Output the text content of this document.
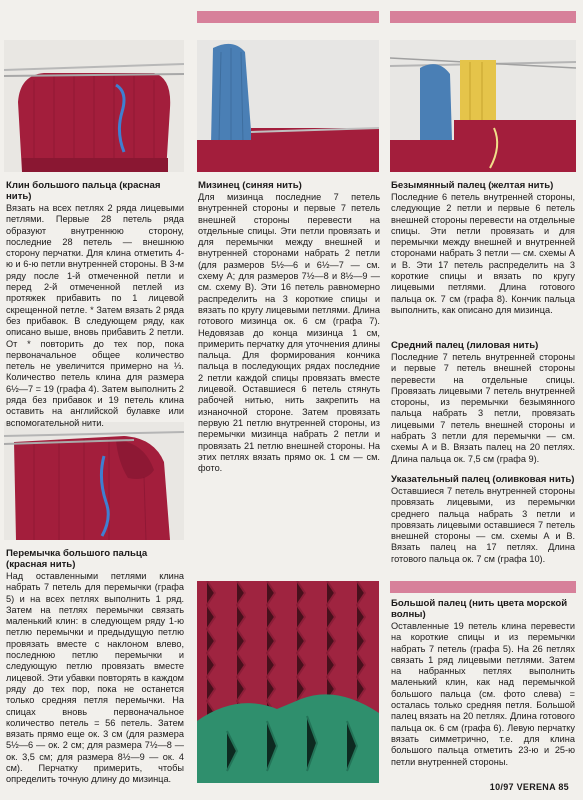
Клин большого пальца (красная нить)

Вязать на всех петлях 2 ряда лицевыми петлями. Первые 28 петель ряда образуют внутреннюю сторону, последние 28 петель — внешнюю сторону перчатки. Для клина отметить 4-ю и 6-ю петли внутренней стороны. В 3-м ряду после 1-й отмеченной петли и перед 2-й отмеченной петлей из протяжек прибавить по 1 лицевой скрещенной петле. * Затем вязать 2 ряда без прибавок. В следующем ряду, как описано выше, вновь прибавить 2 петли. От * повторить до тех пор, пока первоначальное общее количество петель не увеличится примерно на ⅓. Количество петель клина для размера 6½—7 = 19 (графа 4). Затем выполнить 2 ряда без прибавок и 19 петель клина оставить на английской булавке или вспомогательной нити.

Мизинец (синяя нить)

Для мизинца последние 7 петель внутренней стороны и первые 7 петель внешней стороны перевести на отдельные спицы. Эти петли провязать и для перемычки между внешней и внутренней сторонами набрать 2 петли (для размеров 5½—6 и 6½—7 — см. схему А; для размеров 7½—8 и 8½—9 — см. схему В). Эти 16 петель равномерно распределить на 3 короткие спицы и вязать по кругу лицевыми петлями. Длина готового мизинца ок. 6 см (графа 7). Недовязав до конца мизинца 1 см, примерить перчатку для уточнения длины пальца. Для формирования кончика пальца в последующих рядах последние 2 петли каждой спицы провязать вместе лицевой. Оставшиеся 6 петель стянуть рабочей нитью, нить закрепить на изнаночной стороне. Затем провязать первую 21 петлю внутренней стороны, из перемычки мизинца набрать 2 петли и провязать 21 петлю внешней стороны. На этих петлях вязать прямо ок. 1 см — см. фото.

Безымянный палец (желтая нить)

Последние 6 петель внутренней стороны, следующие 2 петли и первые 6 петель внешней стороны перевести на отдельные спицы. Эти петли провязать и для перемычки между внешней и внутренней сторонами набрать 3 петли — см. схемы А и В. Эти 17 петель распределить на 3 короткие спицы и вязать по кругу лицевыми петлями. Длина готового пальца ок. 7 см (графа 8). Кончик пальца выполнить, как описано для мизинца.

Средний палец (лиловая нить)

Последние 7 петель внутренней стороны и первые 7 петель внешней стороны перевести на отдельные спицы. Провязать лицевыми 7 петель внутренней стороны, из перемычки безымянного пальца набрать 3 петли, провязать лицевыми 7 петель внешней стороны и набрать 3 петли для перемычки — см. схемы А и В. Вязать палец на 20 петлях. Длина пальца ок. 7,5 см (графа 9).

Указательный палец (оливковая нить)

Оставшиеся 7 петель внутренней стороны провязать лицевыми, из перемычки среднего пальца набрать 3 петли и провязать лицевыми оставшиеся 7 петель внешней стороны — см. схемы А и В. Вязать палец на 17 петлях. Длина готового пальца ок. 7 см (графа 10).

Перемычка большого пальца (красная нить)

Над оставленными петлями клина набрать 7 петель для перемычки (графа 5) и на всех петлях выполнить 1 ряд. Затем на петлях перемычки связать маленький клин: в следующем ряду 1-ю петлю перемычки и предыдущую петлю провязать вместе с наклоном влево, последнюю петлю перемычки и следующую петлю провязать вместе лицевой. Эти убавки повторять в каждом ряду до тех пор, пока не останется только средняя петля перемычки. На спицах вновь первоначальное количество петель = 56 петель. Затем вязать прямо еще ок. 3 см (для размера 5½—6 — ок. 2 см; для размера 7½—8 — ок. 3,5 см; для размера 8½—9 — ок. 4 см). Перчатку примерить, чтобы определить точную длину до мизинца.

Большой палец (нить цвета морской волны)

Оставленные 19 петель клина перевести на короткие спицы и из перемычки набрать 7 петель (графа 5). На 26 петлях связать 1 ряд лицевыми петлями. Затем на набранных петлях выполнить маленький клин, как над перемычкой большого пальца (см. фото слева) = осталась только средняя петля. Большой палец вязать на 20 петлях. Длина готового пальца ок. 6 см (графа 6). Левую перчатку вязать симметрично, т.е. для клина большого пальца отметить 23-ю и 25-ю петли внутренней стороны.

10/97 VERENA 85
